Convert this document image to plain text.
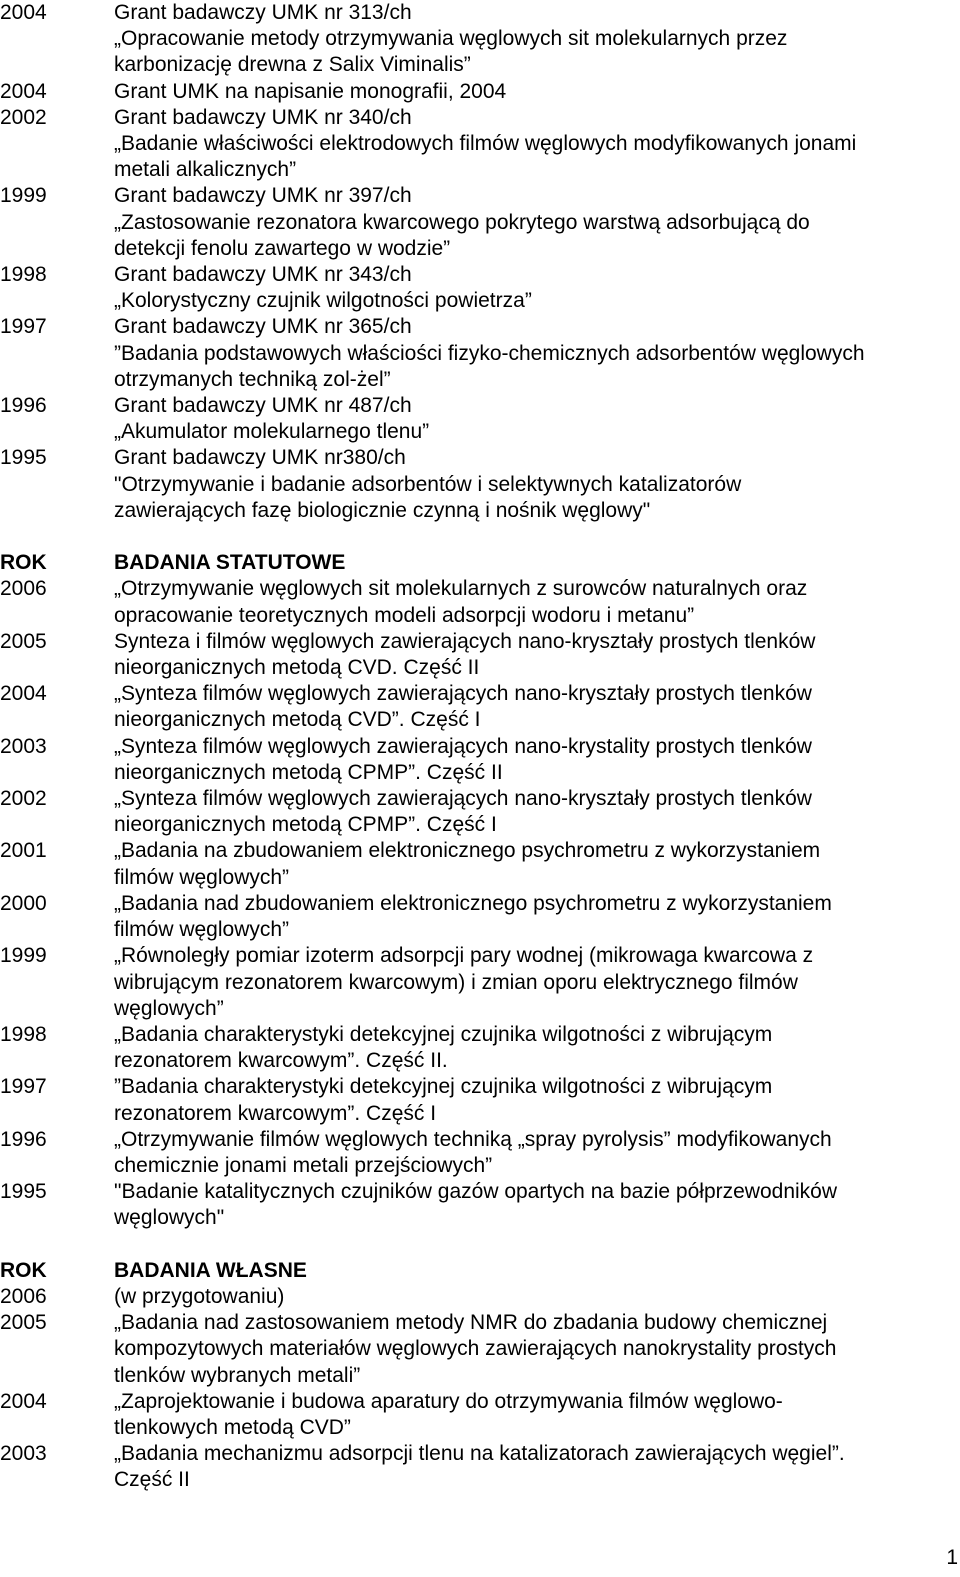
2004	Grant badawczy UMK nr 313/ch
„Opracowanie metody otrzymywania węglowych sit molekularnych przez
karbonizację drewna z Salix Viminalis”
2004	Grant UMK na napisanie monografii, 2004
2002	Grant badawczy UMK nr 340/ch
„Badanie właściwości elektrodowych filmów węglowych modyfikowanych jonami
metali alkalicznych”
1999	Grant badawczy UMK nr 397/ch
„Zastosowanie rezonatora kwarcowego pokrytego warstwą adsorbującą do
detekcji fenolu zawartego w wodzie”
1998	Grant badawczy UMK nr 343/ch
„Kolorystyczny czujnik wilgotności powietrza”
1997	Grant badawczy UMK nr 365/ch
”Badania podstawowych właściości fizyko-chemicznych adsorbentów węglowych
otrzymanych techniką zol-żel”
1996	Grant badawczy UMK nr 487/ch
„Akumulator molekularnego tlenu”
1995	Grant badawczy UMK nr380/ch
"Otrzymywanie i badanie adsorbentów i selektywnych katalizatorów
zawierających fazę biologicznie czynną i nośnik węglowy"
ROK	BADANIA STATUTOWE
2006	„Otrzymywanie węglowych sit molekularnych z surowców naturalnych oraz
opracowanie teoretycznych modeli adsorpcji wodoru i metanu”
2005	Synteza i filmów węglowych zawierających nano-kryształy prostych tlenków
nieorganicznych metodą CVD. Część II
2004	„Synteza filmów węglowych zawierających nano-kryształy prostych tlenków
nieorganicznych metodą CVD”. Część I
2003	„Synteza filmów węglowych zawierających nano-krystality prostych tlenków
nieorganicznych metodą CPMP”. Część II
2002	„Synteza filmów węglowych zawierających nano-kryształy prostych tlenków
nieorganicznych metodą CPMP”. Część I
2001	„Badania na zbudowaniem elektronicznego psychrometru z wykorzystaniem
filmów węglowych”
2000	„Badania nad zbudowaniem elektronicznego psychrometru z wykorzystaniem
filmów węglowych”
1999	„Równoległy pomiar izoterm adsorpcji pary wodnej (mikrowaga kwarcowa z
wibrującym rezonatorem kwarcowym) i zmian oporu elektrycznego filmów
węglowych”
1998	„Badania charakterystyki detekcyjnej czujnika wilgotności z wibrującym
rezonatorem kwarcowym”. Część II.
1997	”Badania charakterystyki detekcyjnej czujnika wilgotności z wibrującym
rezonatorem kwarcowym”. Część I
1996	„Otrzymywanie filmów węglowych techniką „spray pyrolysis” modyfikowanych
chemicznie jonami metali przejściowych”
1995	"Badanie katalitycznych czujników gazów opartych na bazie półprzewodników
węglowych"
ROK	BADANIA WŁASNE
2006	(w przygotowaniu)
2005	„Badania nad zastosowaniem metody NMR do zbadania budowy chemicznej
kompozytowych materiałów węglowych zawierających nanokrystality prostych
tlenków wybranych metali”
2004	„Zaprojektowanie i budowa aparatury do otrzymywania filmów węglowo-
tlenkowych metodą CVD”
2003	„Badania mechanizmu adsorpcji tlenu na katalizatorach zawierających węgiel”.
Część II
1
